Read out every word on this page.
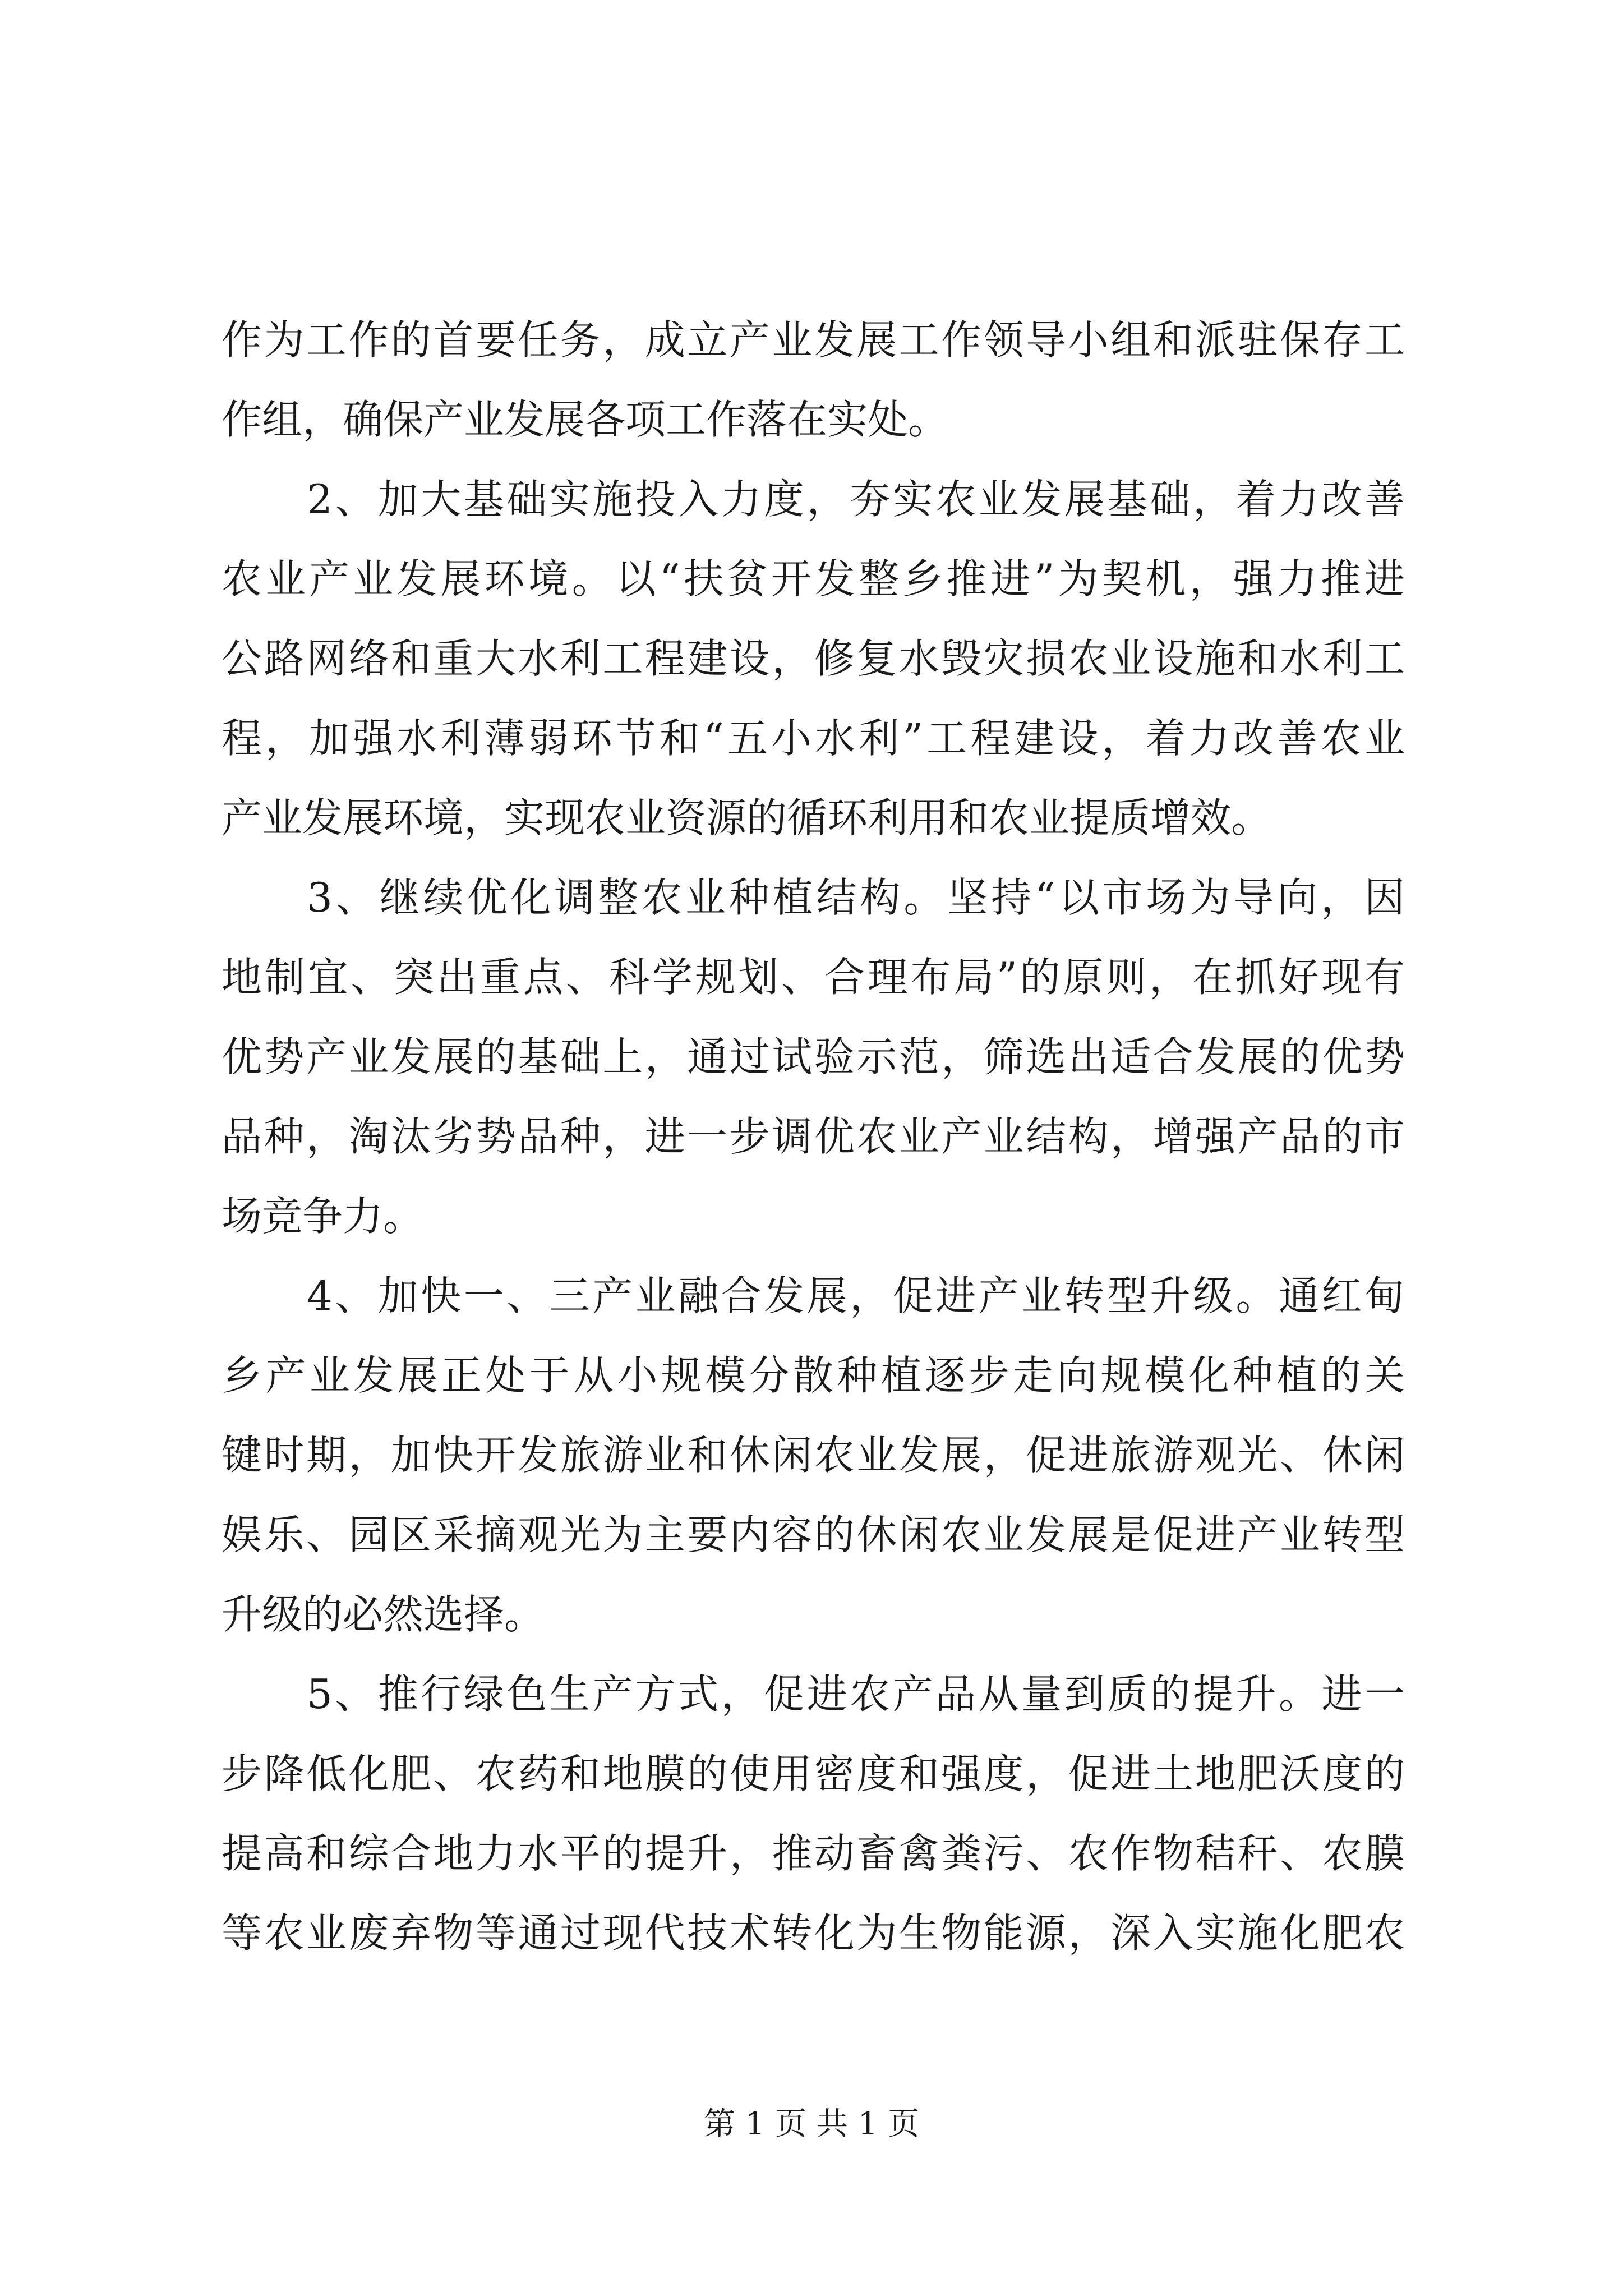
作为工作的首要任务，成立产业发展工作领导小组和派驻保存工
作组，确保产业发展各项工作落在实处。
2、加大基础实施投入力度，夯实农业发展基础，着力改善
农业产业发展环境。以“扶贫开发整乡推进”为契机，强力推进
公路网络和重大水利工程建设，修复水毁灾损农业设施和水利工
程，加强水利薄弱环节和“五小水利”工程建设，着力改善农业
产业发展环境，实现农业资源的循环利用和农业提质增效。
3、继续优化调整农业种植结构。坚持“以市场为导向，因
地制宜、突出重点、科学规划、合理布局”的原则，在抓好现有
优势产业发展的基础上，通过试验示范，筛选出适合发展的优势
品种，淘汰劣势品种，进一步调优农业产业结构，增强产品的市
场竞争力。
4、加快一、三产业融合发展，促进产业转型升级。通红甸
乡产业发展正处于从小规模分散种植逐步走向规模化种植的关
键时期，加快开发旅游业和休闲农业发展，促进旅游观光、休闲
娱乐、园区采摘观光为主要内容的休闲农业发展是促进产业转型
升级的必然选择。
5、推行绿色生产方式，促进农产品从量到质的提升。进一
步降低化肥、农药和地膜的使用密度和强度，促进土地肥沃度的
提高和综合地力水平的提升，推动畜禽粪污、农作物秸秆、农膜
等农业废弃物等通过现代技术转化为生物能源，深入实施化肥农
第 1 页 共 1 页
